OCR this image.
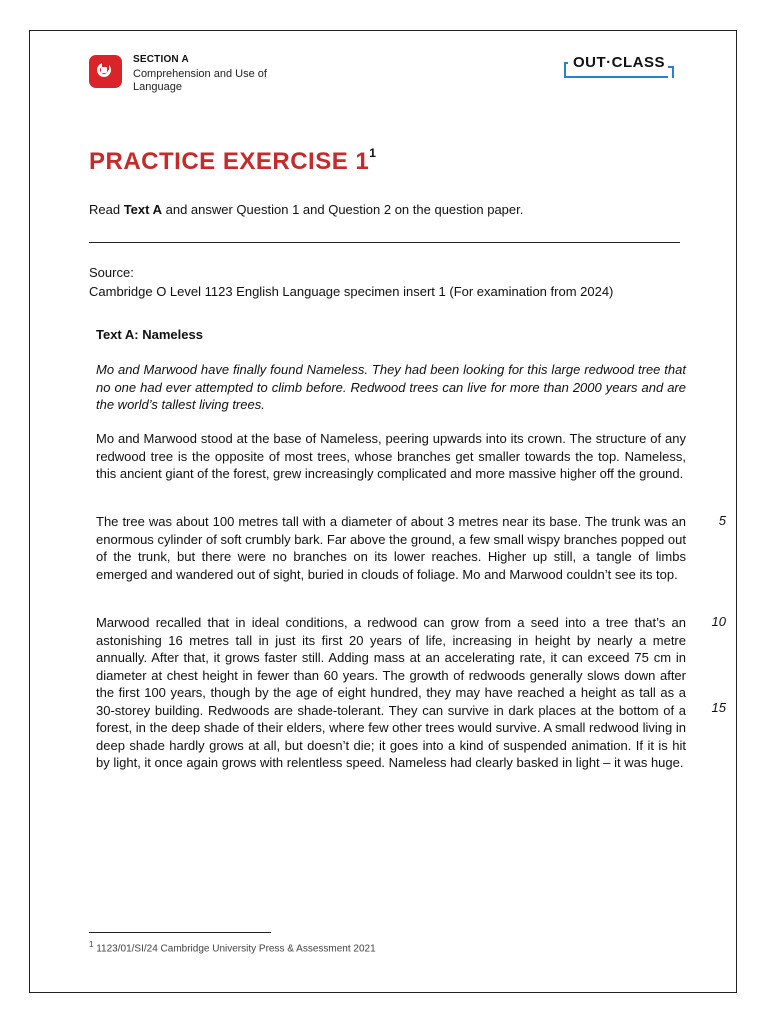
SECTION A
Comprehension and Use of Language
OUT·CLASS
PRACTICE EXERCISE $1^1$
Read Text A and answer Question 1 and Question 2 on the question paper.
Source:
Cambridge O Level 1123 English Language specimen insert 1 (For examination from 2024)
Text A: Nameless
Mo and Marwood have finally found Nameless. They had been looking for this large redwood tree that no one had ever attempted to climb before. Redwood trees can live for more than 2000 years and are the world’s tallest living trees.
Mo and Marwood stood at the base of Nameless, peering upwards into its crown. The structure of any redwood tree is the opposite of most trees, whose branches get smaller towards the top. Nameless, this ancient giant of the forest, grew increasingly complicated and more massive higher off the ground.
The tree was about 100 metres tall with a diameter of about 3 metres near its base. The trunk was an enormous cylinder of soft crumbly bark. Far above the ground, a few small wispy branches popped out of the trunk, but there were no branches on its lower reaches. Higher up still, a tangle of limbs emerged and wandered out of sight, buried in clouds of foliage. Mo and Marwood couldn’t see its top.
Marwood recalled that in ideal conditions, a redwood can grow from a seed into a tree that’s an astonishing 16 metres tall in just its first 20 years of life, increasing in height by nearly a metre annually. After that, it grows faster still. Adding mass at an accelerating rate, it can exceed 75 cm in diameter at chest height in fewer than 60 years. The growth of redwoods generally slows down after the first 100 years, though by the age of eight hundred, they may have reached a height as tall as a 30-storey building. Redwoods are shade-tolerant. They can survive in dark places at the bottom of a forest, in the deep shade of their elders, where few other trees would survive. A small redwood living in deep shade hardly grows at all, but doesn’t die; it goes into a kind of suspended animation. If it is hit by light, it once again grows with relentless speed. Nameless had clearly basked in light – it was huge.
5
10
15
$^1$ 1123/01/SI/24 Cambridge University Press & Assessment 2021
